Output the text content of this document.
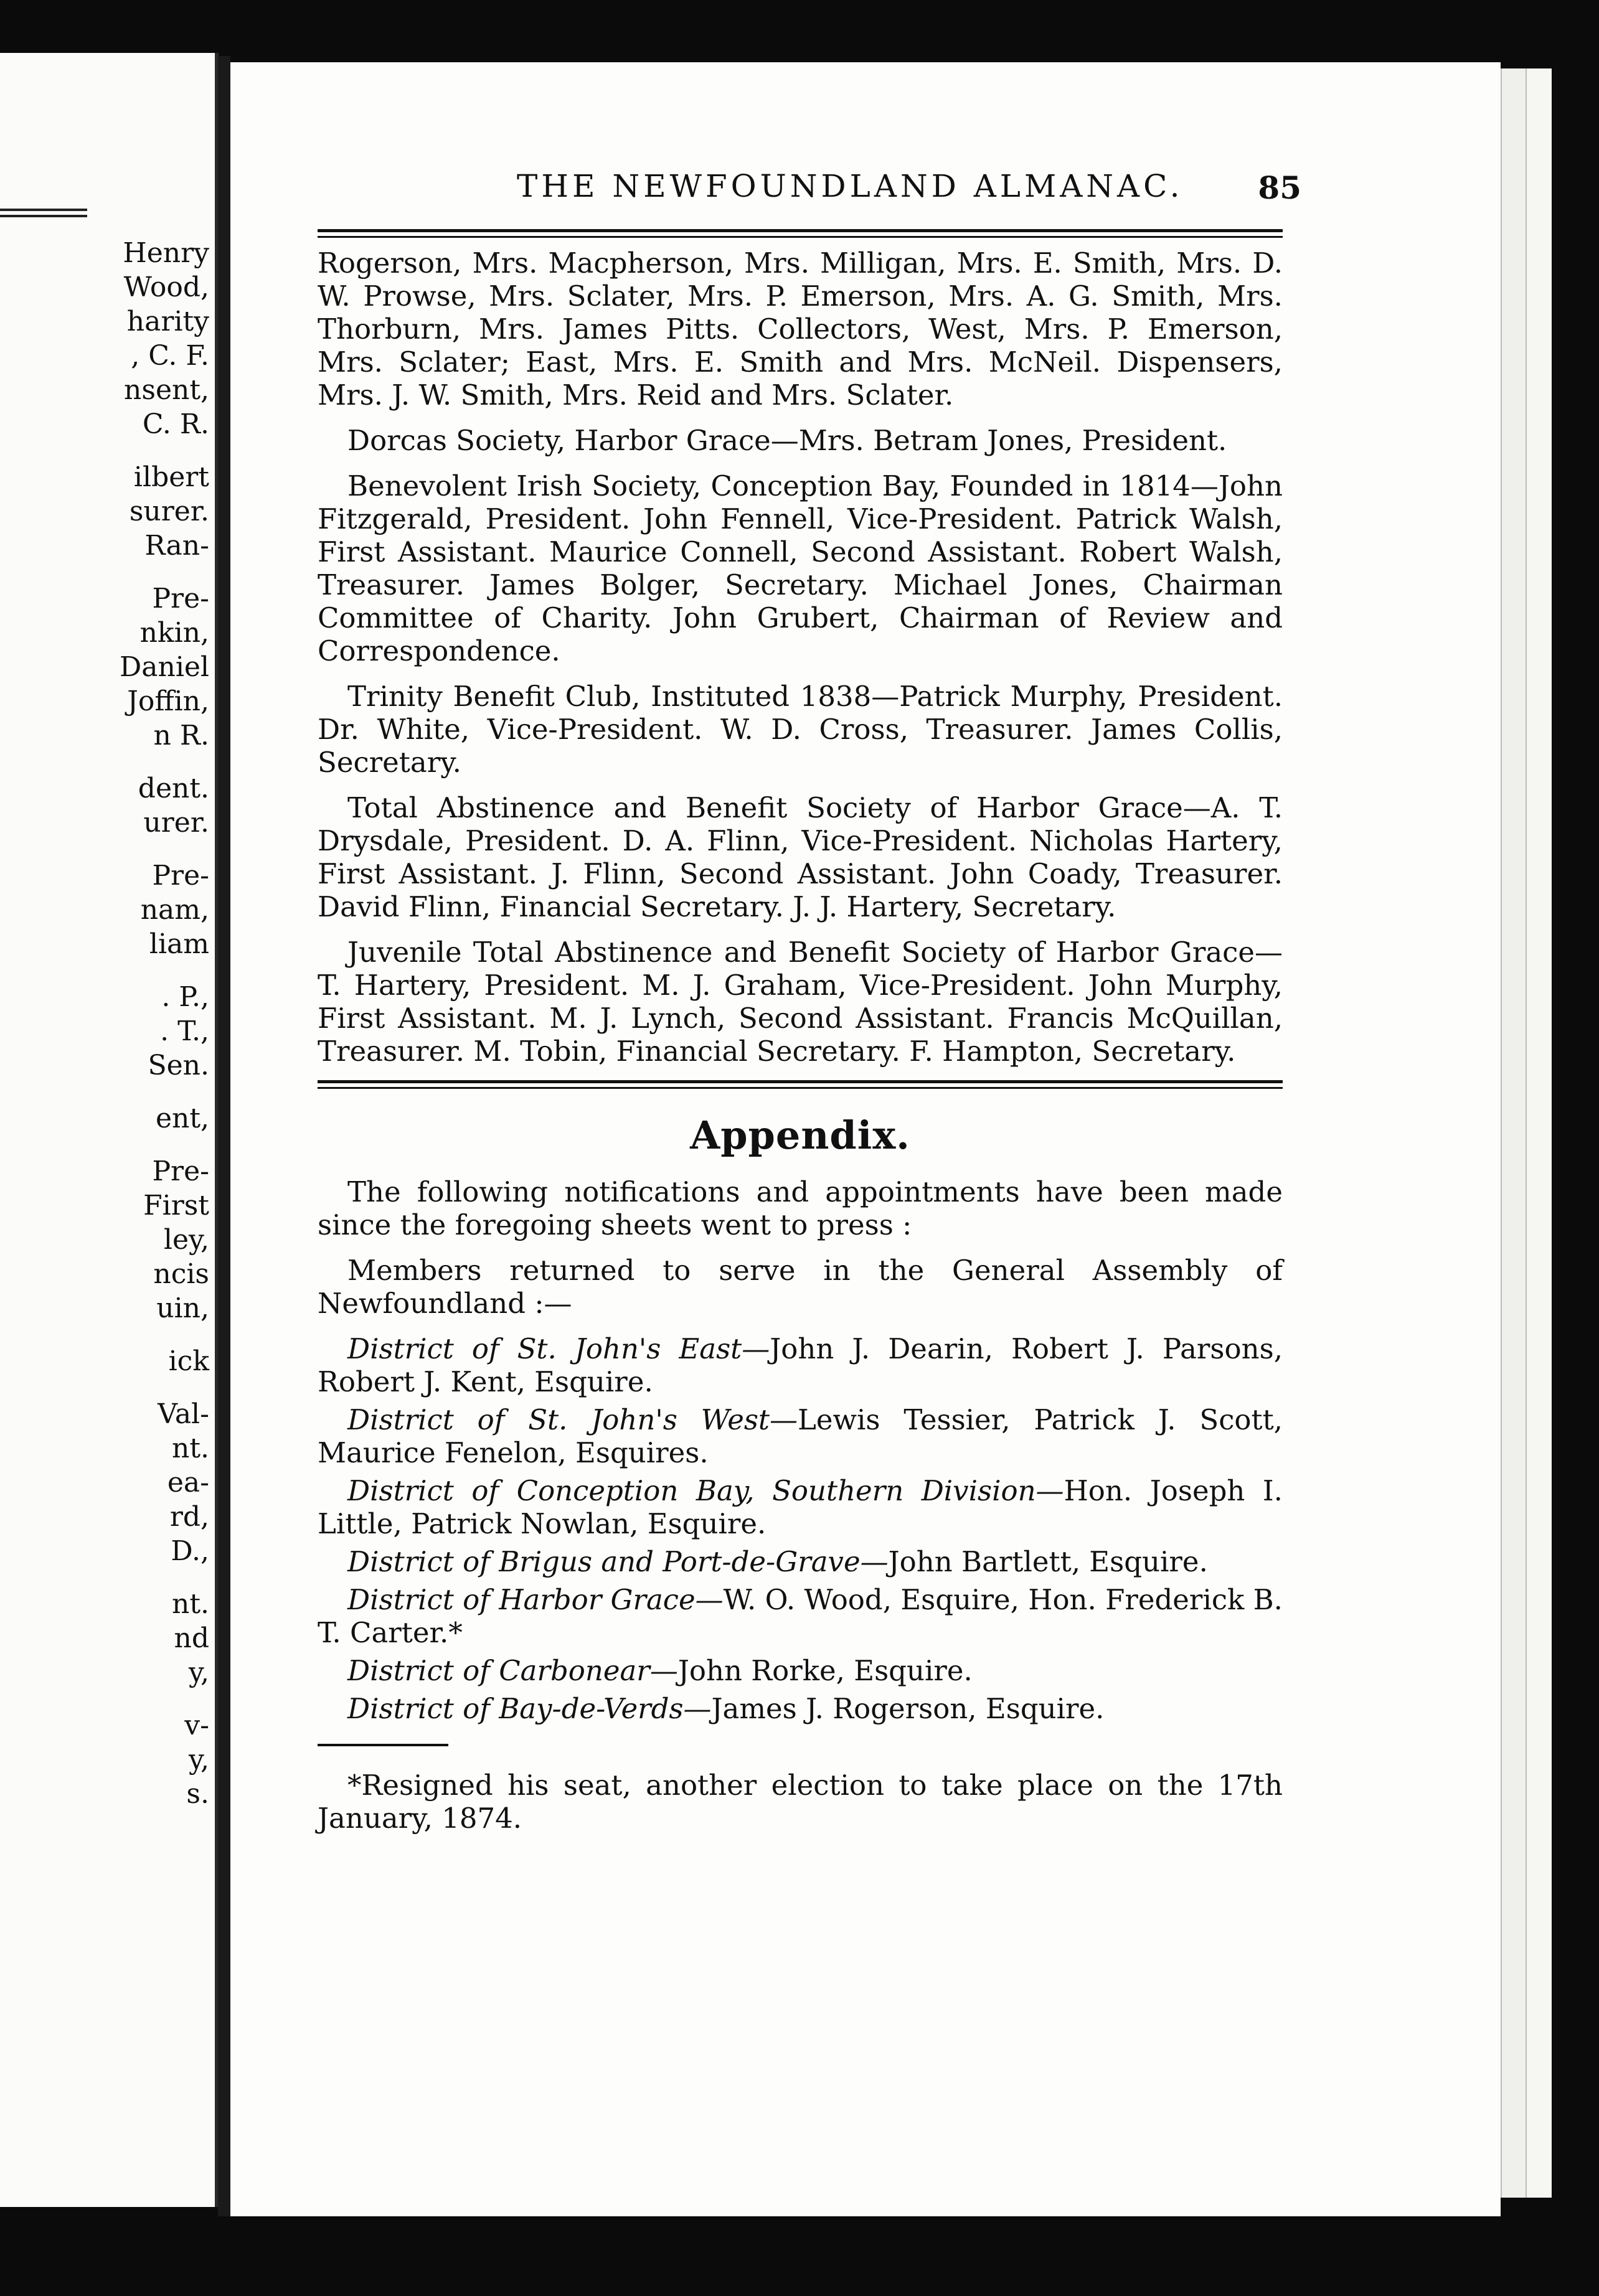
Henry
Wood,
harity
, C. F.
nsent,
C. R.
ilbert
surer.
Ran-
Pre-
nkin,
Daniel
Joffin,
n R.
dent.
urer.
Pre-
nam,
liam
. P.,
. T.,
Sen.
ent,
Pre-
First
ley,
ncis
uin,
ick
Val-
nt.
ea-
rd,
D.,
nt.
nd
y,
v-
y,
s.
THE NEWFOUNDLAND ALMANAC. 85

Rogerson, Mrs. Macpherson, Mrs. Milligan, Mrs. E. Smith, Mrs. D. W. Prowse, Mrs. Sclater, Mrs. P. Emerson, Mrs. A. G. Smith, Mrs. Thorburn, Mrs. James Pitts. Collectors, West, Mrs. P. Emerson, Mrs. Sclater; East, Mrs. E. Smith and Mrs. McNeil. Dispensers, Mrs. J. W. Smith, Mrs. Reid and Mrs. Sclater.

Dorcas Society, Harbor Grace—Mrs. Betram Jones, President.

Benevolent Irish Society, Conception Bay, Founded in 1814—John Fitzgerald, President. John Fennell, Vice-President. Patrick Walsh, First Assistant. Maurice Connell, Second Assistant. Robert Walsh, Treasurer. James Bolger, Secretary. Michael Jones, Chairman Committee of Charity. John Grubert, Chairman of Review and Correspondence.

Trinity Benefit Club, Instituted 1838—Patrick Murphy, President. Dr. White, Vice-President. W. D. Cross, Treasurer. James Collis, Secretary.

Total Abstinence and Benefit Society of Harbor Grace—A. T. Drysdale, President. D. A. Flinn, Vice-President. Nicholas Hartery, First Assistant. J. Flinn, Second Assistant. John Coady, Treasurer. David Flinn, Financial Secretary. J. J. Hartery, Secretary.

Juvenile Total Abstinence and Benefit Society of Harbor Grace—T. Hartery, President. M. J. Graham, Vice-President. John Murphy, First Assistant. M. J. Lynch, Second Assistant. Francis McQuillan, Treasurer. M. Tobin, Financial Secretary. F. Hampton, Secretary.

Appendix.

The following notifications and appointments have been made since the foregoing sheets went to press :

Members returned to serve in the General Assembly of Newfoundland :—

District of St. John's East—John J. Dearin, Robert J. Parsons, Robert J. Kent, Esquire.

District of St. John's West—Lewis Tessier, Patrick J. Scott, Maurice Fenelon, Esquires.

District of Conception Bay, Southern Division—Hon. Joseph I. Little, Patrick Nowlan, Esquire.

District of Brigus and Port-de-Grave—John Bartlett, Esquire.

District of Harbor Grace—W. O. Wood, Esquire, Hon. Frederick B. T. Carter.*

District of Carbonear—John Rorke, Esquire.

District of Bay-de-Verds—James J. Rogerson, Esquire.

*Resigned his seat, another election to take place on the 17th January, 1874.
